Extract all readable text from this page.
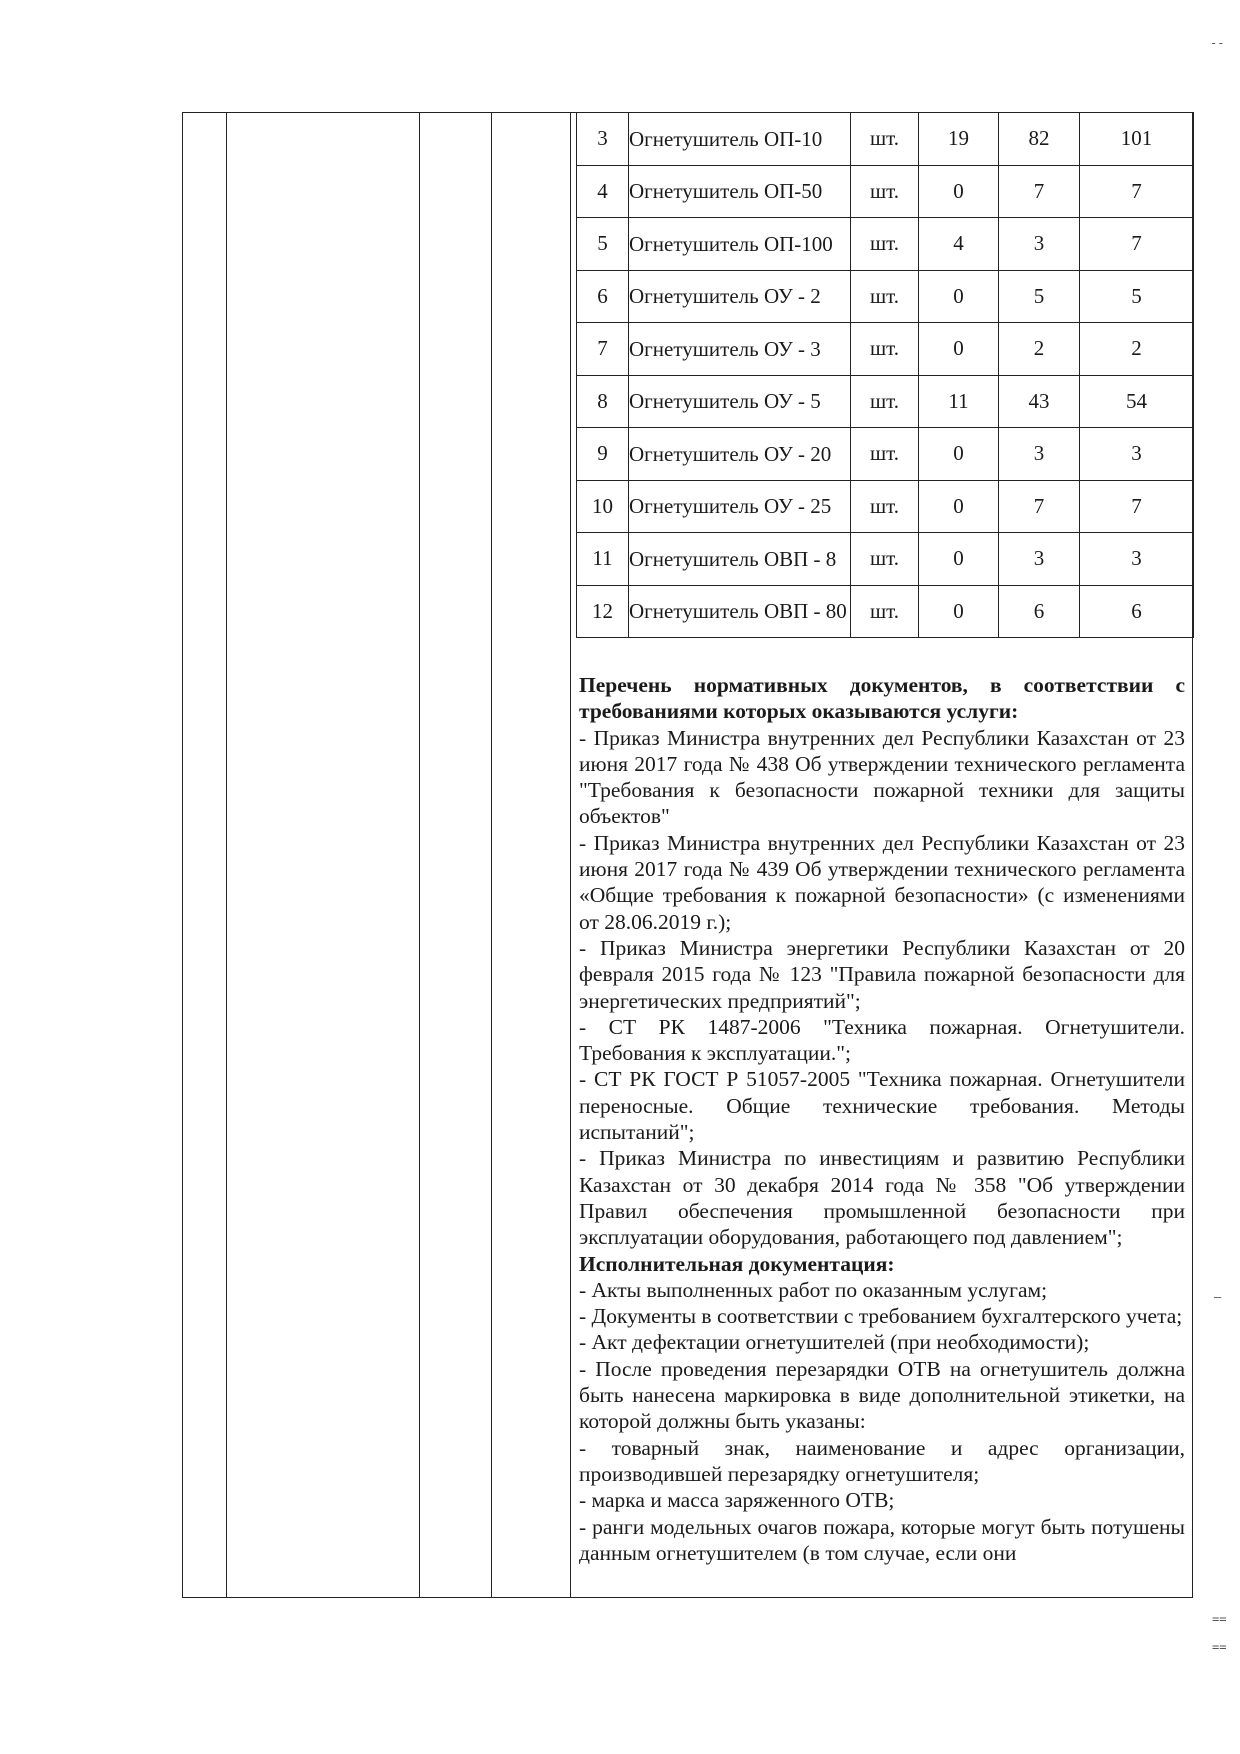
3	Огнетушитель ОП-10	шт.	19	82	101
4	Огнетушитель ОП-50	шт.	0	7	7
5	Огнетушитель ОП-100	шт.	4	3	7
6	Огнетушитель ОУ - 2	шт.	0	5	5
7	Огнетушитель ОУ - 3	шт.	0	2	2
8	Огнетушитель ОУ - 5	шт.	11	43	54
9	Огнетушитель ОУ - 20	шт.	0	3	3
10	Огнетушитель ОУ - 25	шт.	0	7	7
11	Огнетушитель ОВП - 8	шт.	0	3	3
12	Огнетушитель ОВП - 80	шт.	0	6	6

Перечень нормативных документов, в соответствии с требованиями которых оказываются услуги:

- Приказ Министра внутренних дел Республики Казахстан от 23 июня 2017 года № 438 Об утверждении технического регламента "Требования к безопасности пожарной техники для защиты объектов"

- Приказ Министра внутренних дел Республики Казахстан от 23 июня 2017 года № 439 Об утверждении технического регламента «Общие требования к пожарной безопасности» (с изменениями от 28.06.2019 г.);

- Приказ Министра энергетики Республики Казахстан от 20 февраля 2015 года № 123 "Правила пожарной безопасности для энергетических предприятий";

- СТ РК 1487-2006 "Техника пожарная. Огнетушители. Требования к эксплуатации.";

- СТ РК ГОСТ Р 51057-2005 "Техника пожарная. Огнетушители переносные. Общие технические требования. Методы испытаний";

- Приказ Министра по инвестициям и развитию Республики Казахстан от 30 декабря 2014 года № 358 "Об утверждении Правил обеспечения промышленной безопасности при эксплуатации оборудования, работающего под давлением";

Исполнительная документация:

- Акты выполненных работ по оказанным услугам;

- Документы в соответствии с требованием бухгалтерского учета;

- Акт дефектации огнетушителей (при необходимости);

- После проведения перезарядки ОТВ на огнетушитель должна быть нанесена маркировка в виде дополнительной этикетки, на которой должны быть указаны:

- товарный знак, наименование и адрес организации, производившей перезарядку огнетушителя;

- марка и масса заряженного ОТВ;

- ранги модельных очагов пожара, которые могут быть потушены данным огнетушителем (в том случае, если они

--
—
==
==
